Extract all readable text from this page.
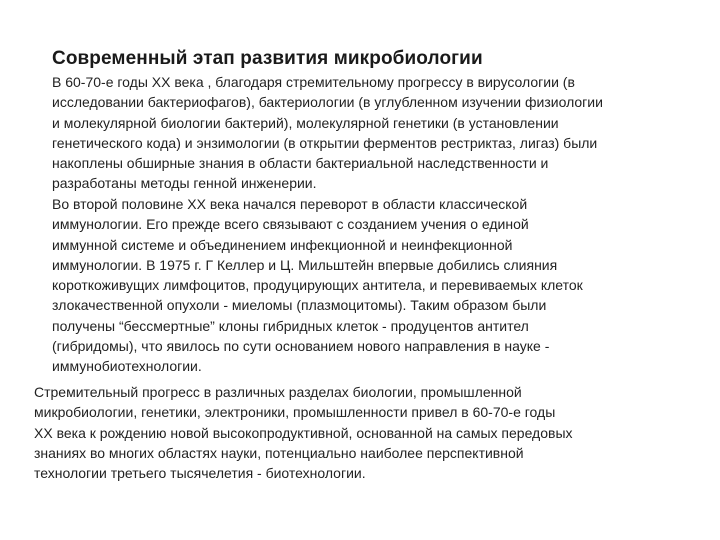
Современный этап развития микробиологии

В 60-70-е годы XX века , благодаря стремительному прогрессу в вирусологии (в
исследовании бактериофагов), бактериологии (в углубленном изучении физиологии
и молекулярной биологии бактерий), молекулярной генетики (в установлении
генетического кода) и энзимологии (в открытии ферментов рестриктаз, лигаз) были
накоплены обширные знания в области бактериальной наследственности и
разработаны методы генной инженерии.

Во второй половине XX века начался переворот в области классической
иммунологии. Его прежде всего связывают с созданием учения о единой
иммунной системе и объединением инфекционной и неинфекционной
иммунологии. В 1975 г. Г Келлер и Ц. Мильштейн впервые добились слияния
короткоживущих лимфоцитов, продуцирующих антитела, и перевиваемых клеток
злокачественной опухоли - миеломы (плазмоцитомы). Таким образом были
получены “бессмертные” клоны гибридных клеток - продуцентов антител
(гибридомы), что явилось по сути основанием нового направления в науке -
иммунобиотехнологии.

Стремительный прогресс в различных разделах биологии, промышленной
микробиологии, генетики, электроники, промышленности привел в 60-70-е годы
XX века к рождению новой высокопродуктивной, основанной на самых передовых
знаниях во многих областях науки, потенциально наиболее перспективной
технологии третьего тысячелетия - биотехнологии.
